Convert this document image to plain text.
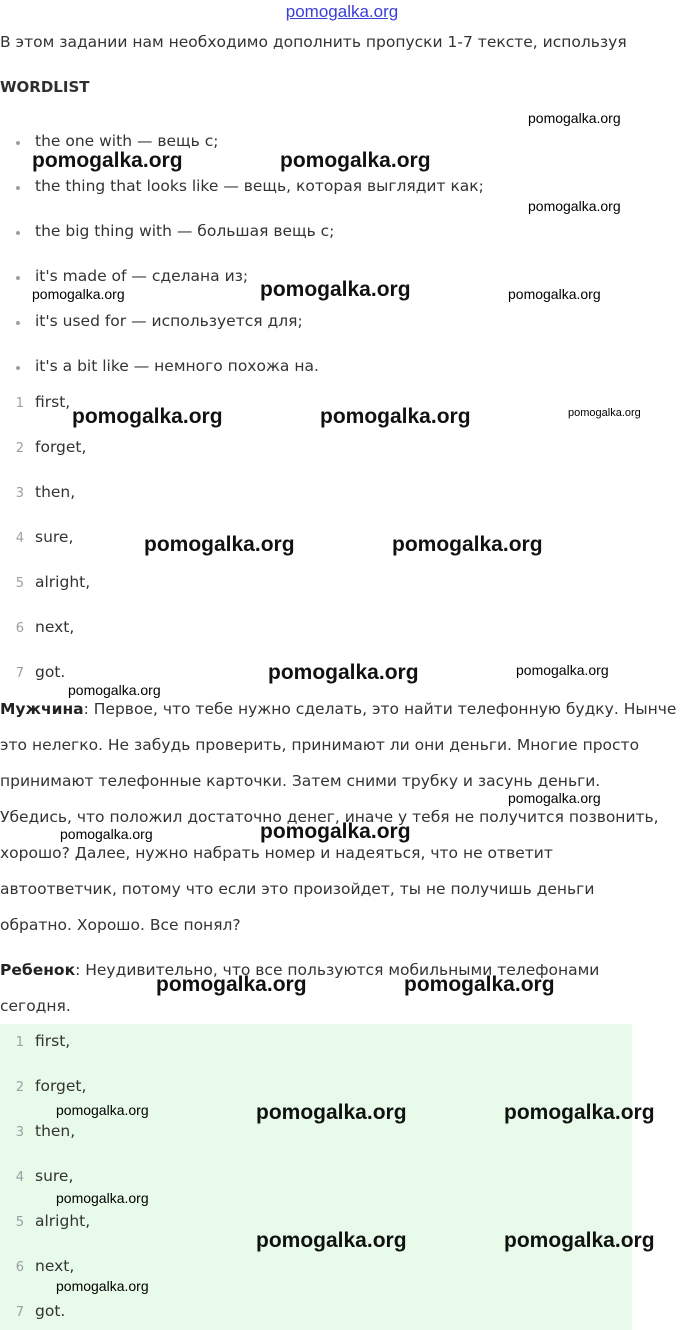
pomogalka.org
В этом задании нам необходимо дополнить пропуски 1-7 тексте, используя
WORDLIST
the one with — вещь с;
the thing that looks like — вещь, которая выглядит как;
the big thing with — большая вещь с;
it's made of — сделана из;
it's used for — используется для;
it's a bit like — немного похожа на.
1 first,
2 forget,
3 then,
4 sure,
5 alright,
6 next,
7 got.
Мужчина: Первое, что тебе нужно сделать, это найти телефонную будку. Нынче
это нелегко. Не забудь проверить, принимают ли они деньги. Многие просто
принимают телефонные карточки. Затем сними трубку и засунь деньги.
Убедись, что положил достаточно денег, иначе у тебя не получится позвонить,
хорошо? Далее, нужно набрать номер и надеяться, что не ответит
автоответчик, потому что если это произойдет, ты не получишь деньги
обратно. Хорошо. Все понял?
Ребенок: Неудивительно, что все пользуются мобильными телефонами
сегодня.
1 first,
2 forget,
3 then,
4 sure,
5 alright,
6 next,
7 got.
pomogalka.org
pomogalka.org	pomogalka.org
pomogalka.org
pomogalka.org
pomogalka.org	pomogalka.org
pomogalka.org	pomogalka.org	pomogalka.org
pomogalka.org	pomogalka.org
pomogalka.org	pomogalka.org
pomogalka.org
pomogalka.org
pomogalka.org	pomogalka.org
pomogalka.org	pomogalka.org
pomogalka.org	pomogalka.org	pomogalka.org
pomogalka.org
pomogalka.org	pomogalka.org
pomogalka.org
